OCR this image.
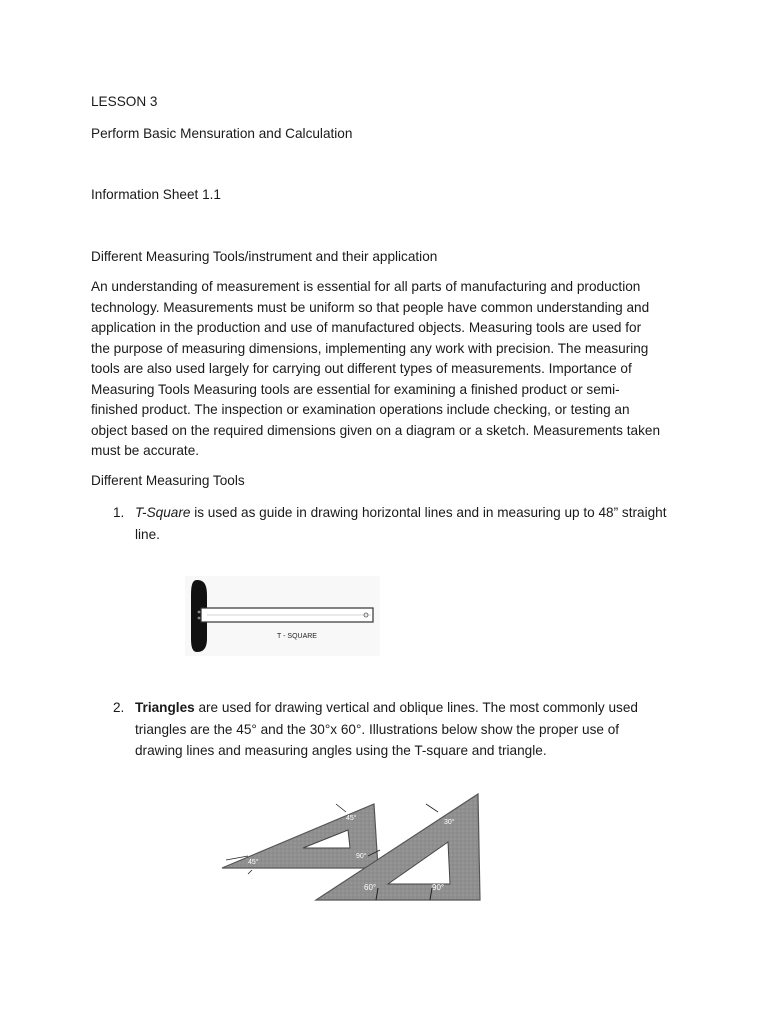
LESSON 3
Perform Basic Mensuration and Calculation
Information Sheet 1.1
Different Measuring Tools/instrument and their application
An understanding of measurement is essential for all parts of manufacturing and production
technology. Measurements must be uniform so that people have common understanding and
application in the production and use of manufactured objects. Measuring tools are used for
the purpose of measuring dimensions, implementing any work with precision. The measuring
tools are also used largely for carrying out different types of measurements. Importance of
Measuring Tools Measuring tools are essential for examining a finished product or semi-
finished product. The inspection or examination operations include checking, or testing an
object based on the required dimensions given on a diagram or a sketch. Measurements taken
must be accurate.
Different Measuring Tools
1. T-Square is used as guide in drawing horizontal lines and in measuring up to 48” straight
line.
T - SQUARE
2. Triangles are used for drawing vertical and oblique lines. The most commonly used
triangles are the 45° and the 30°x 60°. Illustrations below show the proper use of
drawing lines and measuring angles using the T-square and triangle.
45°
45°
90°
30°
60°	90°
